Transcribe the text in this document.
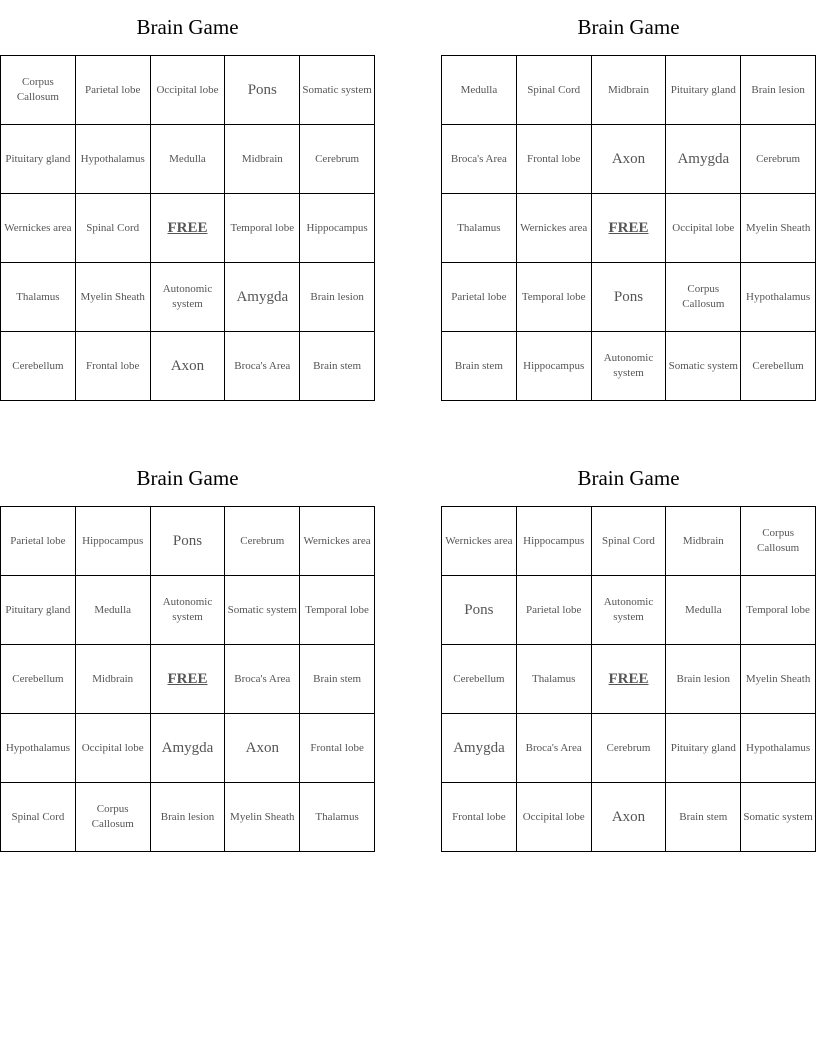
Brain Game
Corpus Callosum	Parietal lobe	Occipital lobe	Pons	Somatic system
Pituitary gland	Hypothalamus	Medulla	Midbrain	Cerebrum
Wernickes area	Spinal Cord	FREE	Temporal lobe	Hippocampus
Thalamus	Myelin Sheath	Autonomic system	Amygda	Brain lesion
Cerebellum	Frontal lobe	Axon	Broca's Area	Brain stem
Brain Game
Medulla	Spinal Cord	Midbrain	Pituitary gland	Brain lesion
Broca's Area	Frontal lobe	Axon	Amygda	Cerebrum
Thalamus	Wernickes area	FREE	Occipital lobe	Myelin Sheath
Parietal lobe	Temporal lobe	Pons	Corpus Callosum	Hypothalamus
Brain stem	Hippocampus	Autonomic system	Somatic system	Cerebellum
Brain Game
Parietal lobe	Hippocampus	Pons	Cerebrum	Wernickes area
Pituitary gland	Medulla	Autonomic system	Somatic system	Temporal lobe
Cerebellum	Midbrain	FREE	Broca's Area	Brain stem
Hypothalamus	Occipital lobe	Amygda	Axon	Frontal lobe
Spinal Cord	Corpus Callosum	Brain lesion	Myelin Sheath	Thalamus
Brain Game
Wernickes area	Hippocampus	Spinal Cord	Midbrain	Corpus Callosum
Pons	Parietal lobe	Autonomic system	Medulla	Temporal lobe
Cerebellum	Thalamus	FREE	Brain lesion	Myelin Sheath
Amygda	Broca's Area	Cerebrum	Pituitary gland	Hypothalamus
Frontal lobe	Occipital lobe	Axon	Brain stem	Somatic system
